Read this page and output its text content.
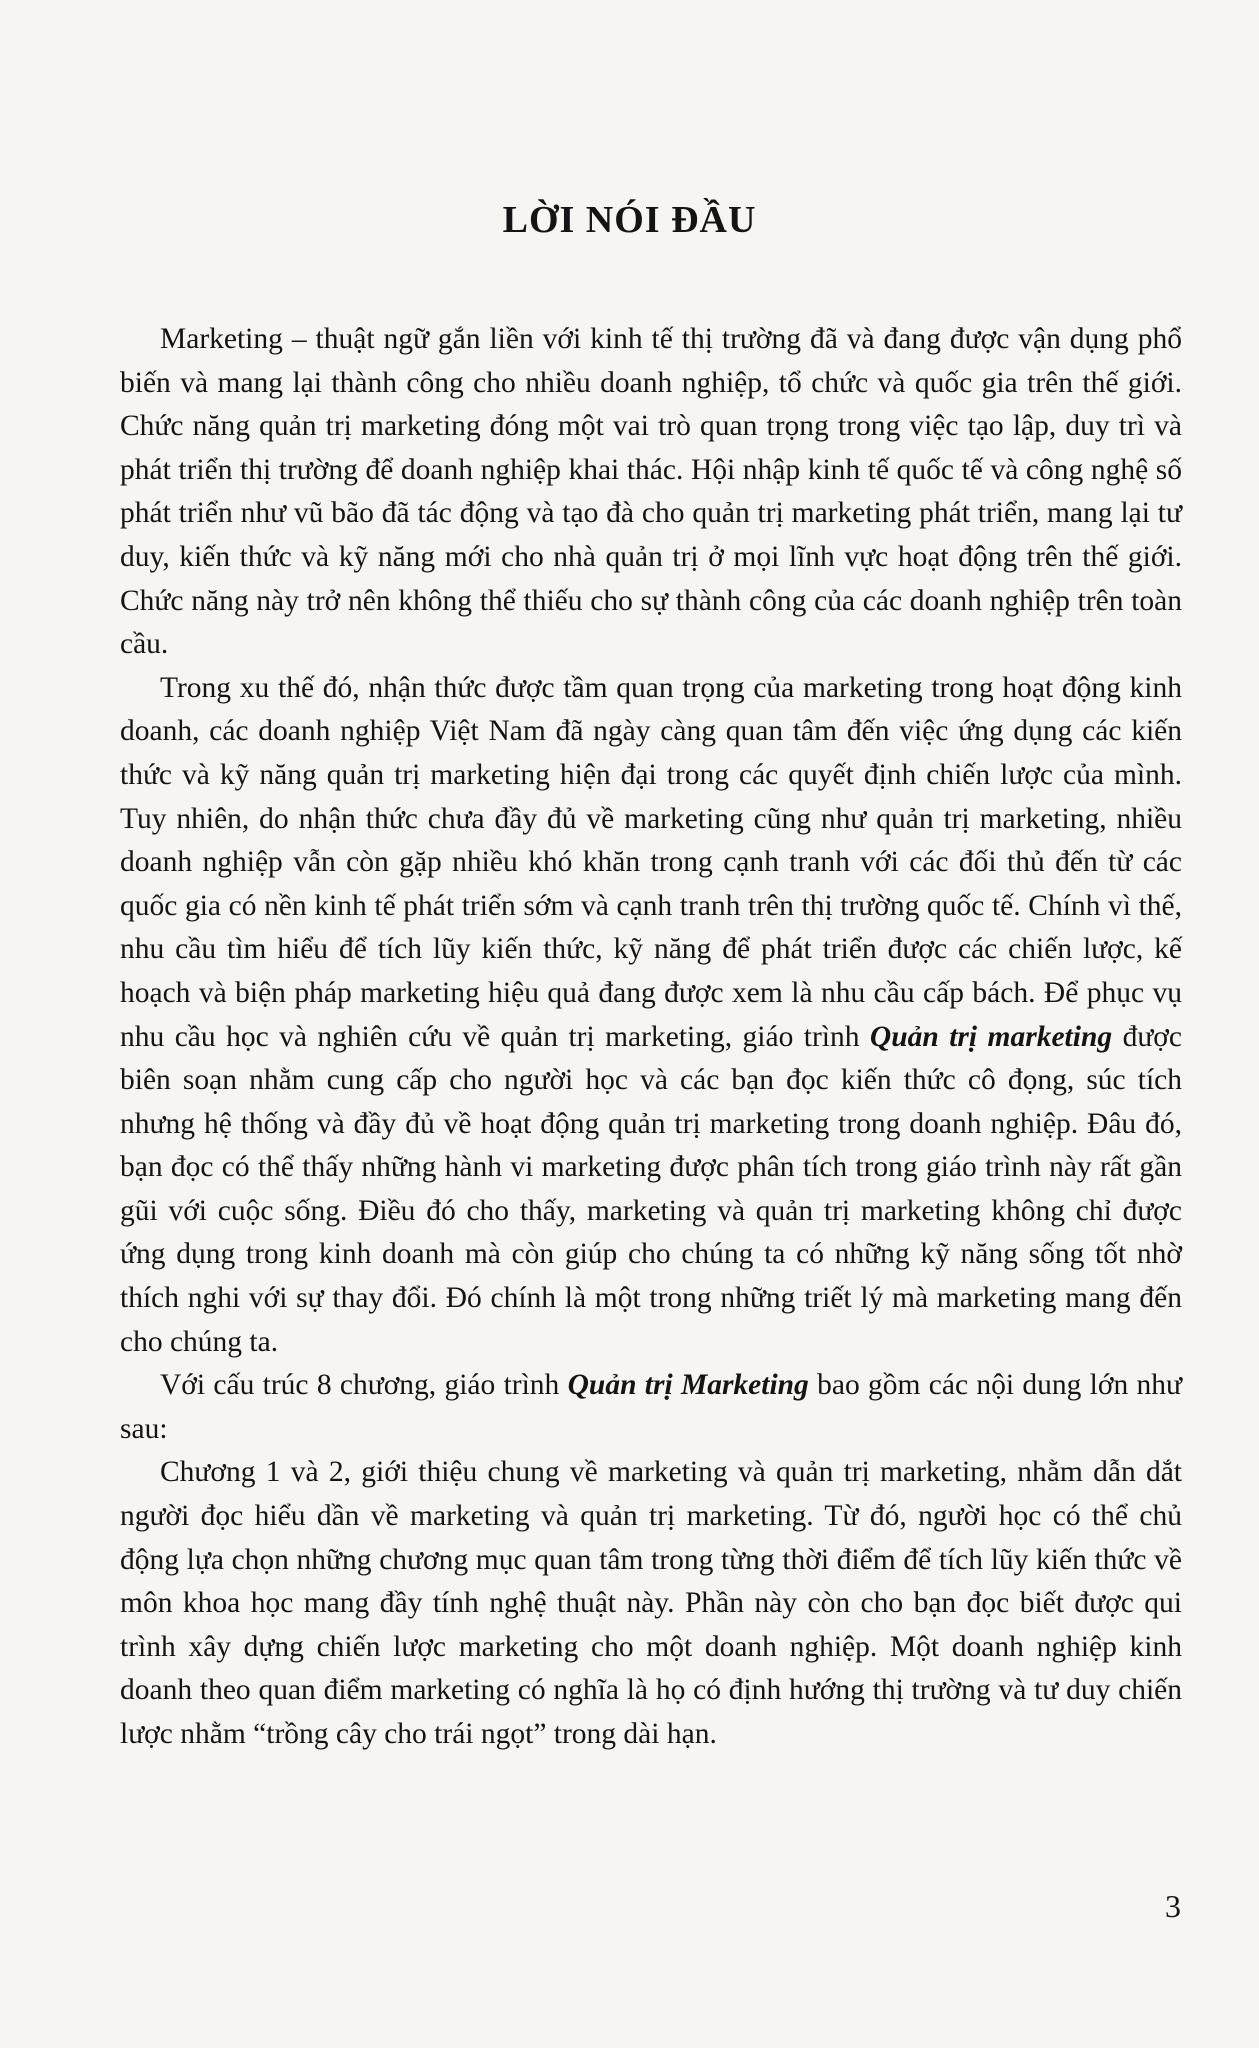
LỜI NÓI ĐẦU

Marketing – thuật ngữ gắn liền với kinh tế thị trường đã và đang được vận dụng phổ biến và mang lại thành công cho nhiều doanh nghiệp, tổ chức và quốc gia trên thế giới. Chức năng quản trị marketing đóng một vai trò quan trọng trong việc tạo lập, duy trì và phát triển thị trường để doanh nghiệp khai thác. Hội nhập kinh tế quốc tế và công nghệ số phát triển như vũ bão đã tác động và tạo đà cho quản trị marketing phát triển, mang lại tư duy, kiến thức và kỹ năng mới cho nhà quản trị ở mọi lĩnh vực hoạt động trên thế giới. Chức năng này trở nên không thể thiếu cho sự thành công của các doanh nghiệp trên toàn cầu.

Trong xu thế đó, nhận thức được tầm quan trọng của marketing trong hoạt động kinh doanh, các doanh nghiệp Việt Nam đã ngày càng quan tâm đến việc ứng dụng các kiến thức và kỹ năng quản trị marketing hiện đại trong các quyết định chiến lược của mình. Tuy nhiên, do nhận thức chưa đầy đủ về marketing cũng như quản trị marketing, nhiều doanh nghiệp vẫn còn gặp nhiều khó khăn trong cạnh tranh với các đối thủ đến từ các quốc gia có nền kinh tế phát triển sớm và cạnh tranh trên thị trường quốc tế. Chính vì thế, nhu cầu tìm hiểu để tích lũy kiến thức, kỹ năng để phát triển được các chiến lược, kế hoạch và biện pháp marketing hiệu quả đang được xem là nhu cầu cấp bách. Để phục vụ nhu cầu học và nghiên cứu về quản trị marketing, giáo trình Quản trị marketing được biên soạn nhằm cung cấp cho người học và các bạn đọc kiến thức cô đọng, súc tích nhưng hệ thống và đầy đủ về hoạt động quản trị marketing trong doanh nghiệp. Đâu đó, bạn đọc có thể thấy những hành vi marketing được phân tích trong giáo trình này rất gần gũi với cuộc sống. Điều đó cho thấy, marketing và quản trị marketing không chỉ được ứng dụng trong kinh doanh mà còn giúp cho chúng ta có những kỹ năng sống tốt nhờ thích nghi với sự thay đổi. Đó chính là một trong những triết lý mà marketing mang đến cho chúng ta.

Với cấu trúc 8 chương, giáo trình Quản trị Marketing bao gồm các nội dung lớn như sau:

Chương 1 và 2, giới thiệu chung về marketing và quản trị marketing, nhằm dẫn dắt người đọc hiểu dần về marketing và quản trị marketing. Từ đó, người học có thể chủ động lựa chọn những chương mục quan tâm trong từng thời điểm để tích lũy kiến thức về môn khoa học mang đầy tính nghệ thuật này. Phần này còn cho bạn đọc biết được qui trình xây dựng chiến lược marketing cho một doanh nghiệp. Một doanh nghiệp kinh doanh theo quan điểm marketing có nghĩa là họ có định hướng thị trường và tư duy chiến lược nhằm “trồng cây cho trái ngọt” trong dài hạn.

3
